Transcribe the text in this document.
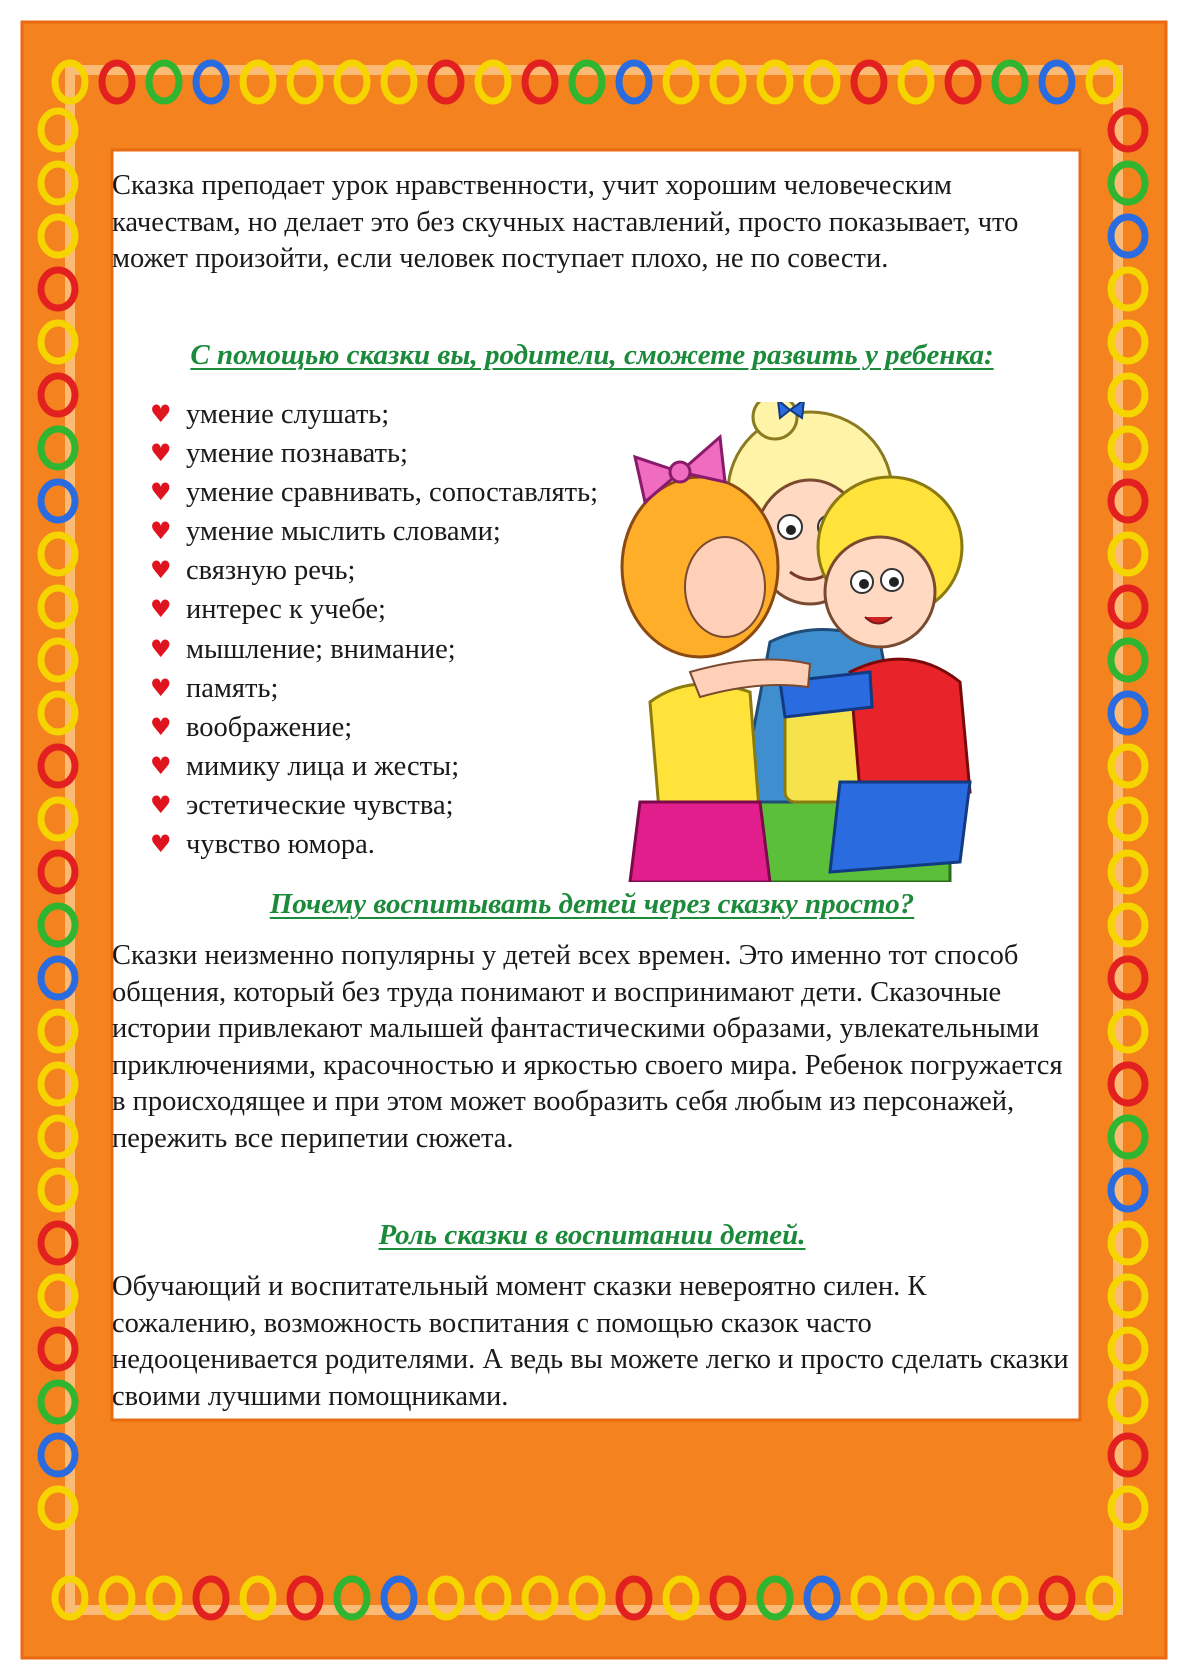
Сказка преподает урок нравственности, учит хорошим человеческим качествам, но делает это без скучных наставлений, просто показывает, что может произойти, если человек поступает плохо, не по совести.

С помощью сказки вы, родители, сможете развить у ребенка:

♥ умение слушать;
♥ умение познавать;
♥ умение сравнивать, сопоставлять;
♥ умение мыслить словами;
♥ связную речь;
♥ интерес к учебе;
♥ мышление; внимание;
♥ память;
♥ воображение;
♥ мимику лица и жесты;
♥ эстетические чувства;
♥ чувство юмора.

Почему воспитывать детей через сказку просто?

Сказки неизменно популярны у детей всех времен. Это именно тот способ общения, который без труда понимают и воспринимают дети. Сказочные истории привлекают малышей фантастическими образами, увлекательными приключениями, красочностью и яркостью своего мира. Ребенок погружается в происходящее и при этом может вообразить себя любым из персонажей, пережить все перипетии сюжета.

Роль сказки в воспитании детей.

Обучающий и воспитательный момент сказки невероятно силен. К сожалению, возможность воспитания с помощью сказок часто недооценивается родителями. А ведь вы можете легко и просто сделать сказки своими лучшими помощниками.
